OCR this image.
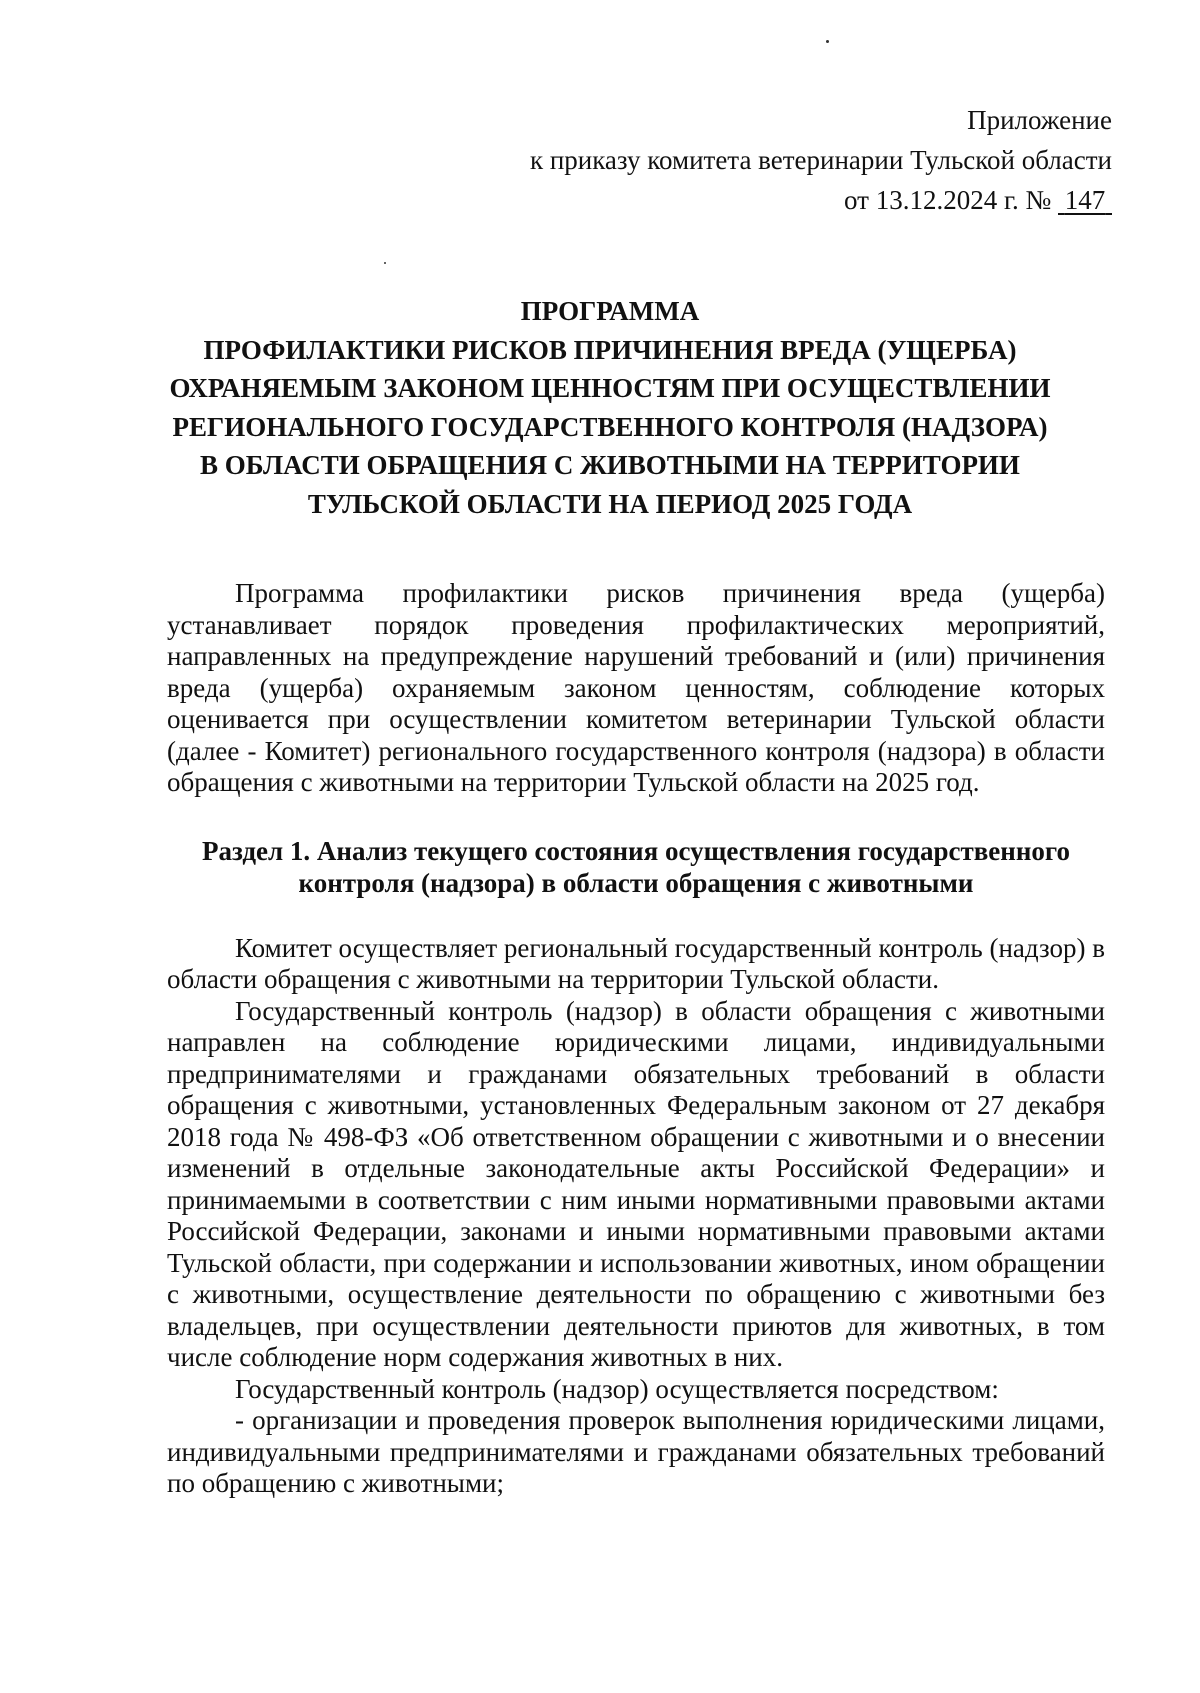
Приложение
к приказу комитета ветеринарии Тульской области
от 13.12.2024 г. №  147
ПРОГРАММА
ПРОФИЛАКТИКИ РИСКОВ ПРИЧИНЕНИЯ ВРЕДА (УЩЕРБА)
ОХРАНЯЕМЫМ ЗАКОНОМ ЦЕННОСТЯМ ПРИ ОСУЩЕСТВЛЕНИИ
РЕГИОНАЛЬНОГО ГОСУДАРСТВЕННОГО КОНТРОЛЯ (НАДЗОРА)
В ОБЛАСТИ ОБРАЩЕНИЯ С ЖИВОТНЫМИ НА ТЕРРИТОРИИ
ТУЛЬСКОЙ ОБЛАСТИ НА ПЕРИОД 2025 ГОДА

Программа профилактики рисков причинения вреда (ущерба) устанавливает порядок проведения профилактических мероприятий, направленных на предупреждение нарушений требований и (или) причинения вреда (ущерба) охраняемым законом ценностям, соблюдение которых оценивается при осуществлении комитетом ветеринарии Тульской области (далее - Комитет) регионального государственного контроля (надзора) в области обращения с животными на территории Тульской области на 2025 год.

Раздел 1. Анализ текущего состояния осуществления государственного
контроля (надзора) в области обращения с животными

Комитет осуществляет региональный государственный контроль (надзор) в области обращения с животными на территории Тульской области.

Государственный контроль (надзор) в области обращения с животными направлен на соблюдение юридическими лицами, индивидуальными предпринимателями и гражданами обязательных требований в области обращения с животными, установленных Федеральным законом от 27 декабря 2018 года № 498-ФЗ «Об ответственном обращении с животными и о внесении изменений в отдельные законодательные акты Российской Федерации» и принимаемыми в соответствии с ним иными нормативными правовыми актами Российской Федерации, законами и иными нормативными правовыми актами Тульской области, при содержании и использовании животных, ином обращении с животными, осуществление деятельности по обращению с животными без владельцев, при осуществлении деятельности приютов для животных, в том числе соблюдение норм содержания животных в них.

Государственный контроль (надзор) осуществляется посредством:

- организации и проведения проверок выполнения юридическими лицами, индивидуальными предпринимателями и гражданами обязательных требований по обращению с животными;
